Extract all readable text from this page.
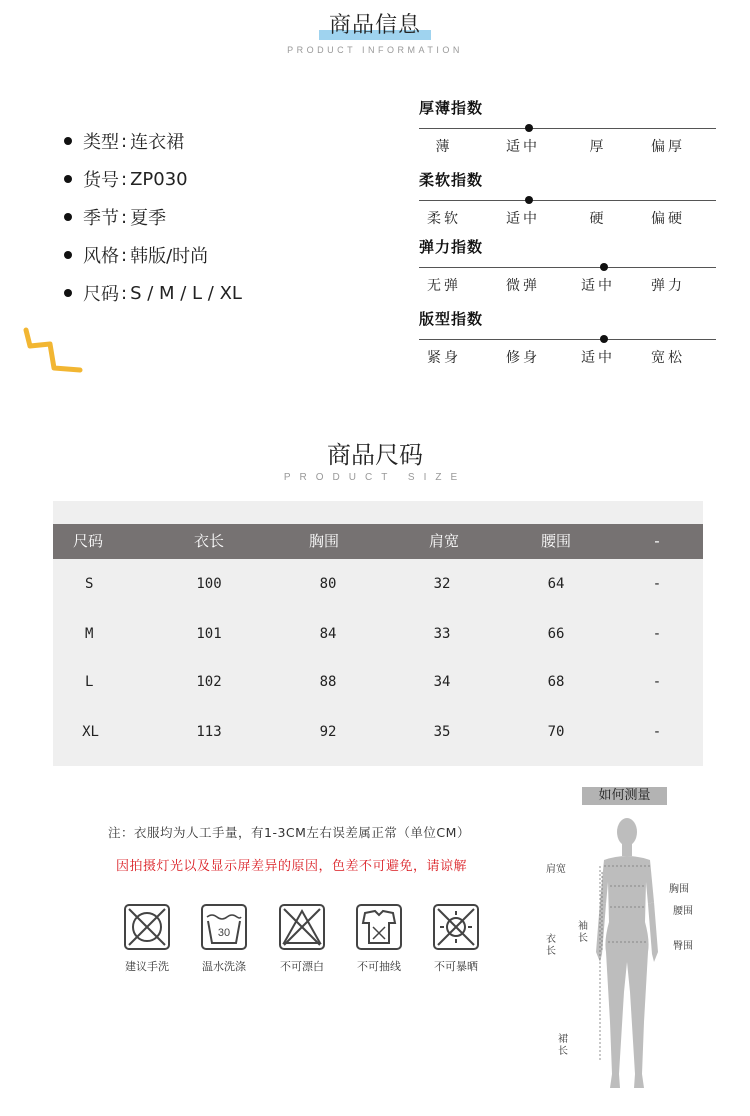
商品信息
PRODUCT INFORMATION
类型 : 连衣裙
货号 : ZP030
季节 : 夏季
风格 : 韩版/时尚
尺码 : S / M / L / XL
厚薄指数
薄	适中	厚	偏厚
柔软指数
柔软	适中	硬	偏硬
弹力指数
无弹	微弹	适中	弹力
版型指数
紧身	修身	适中	宽松
商品尺码
PRODUCT SIZE
尺码	衣长	胸围	肩宽	腰围	-
S	100	80	32	64	-
M	101	84	33	66	-
L	102	88	34	68	-
XL	113	92	35	70	-
注：衣服均为人工手量，有1-3CM左右误差属正常（单位CM）
因拍摄灯光以及显示屏差异的原因，色差不可避免，请谅解
30
建议手洗	温水洗涤	不可漂白	不可抽线	不可暴晒
如何测量
肩宽
胸围
腰围
臀围
袖
长
衣
长
裙
长
